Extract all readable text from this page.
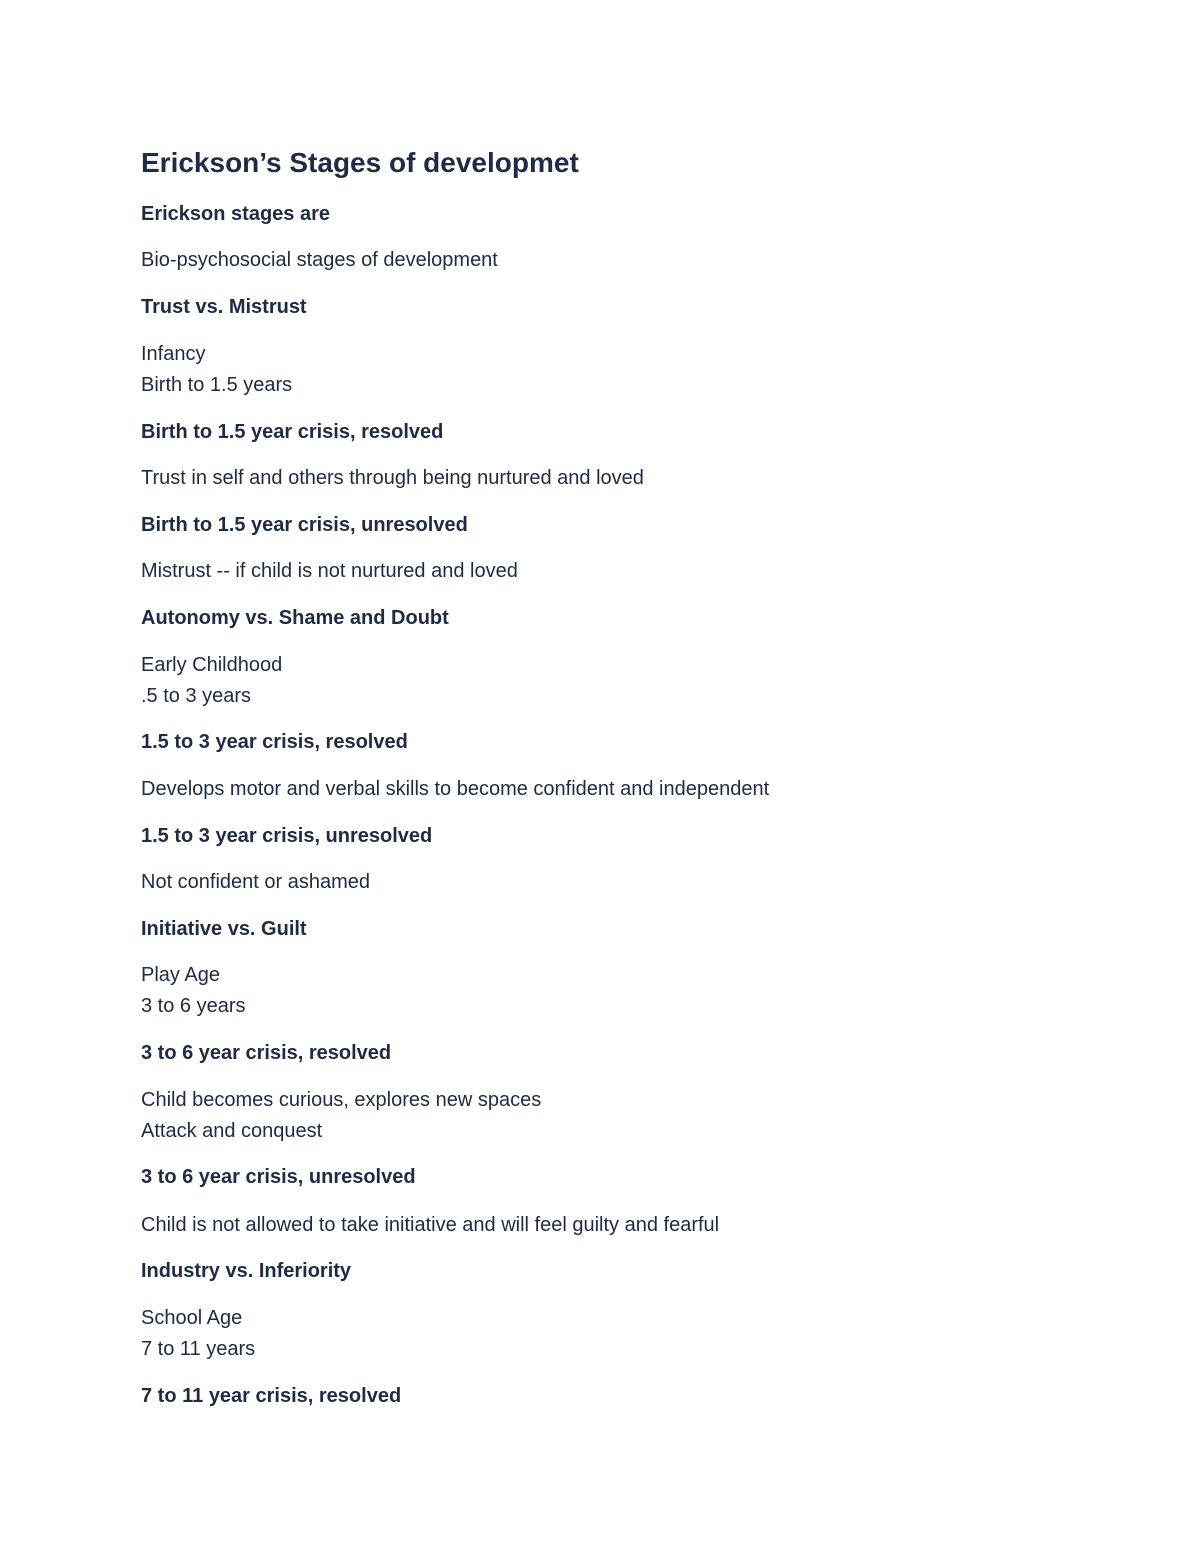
Erickson’s Stages of developmet
Erickson stages are
Bio-psychosocial stages of development
Trust vs. Mistrust
Infancy
Birth to 1.5 years
Birth to 1.5 year crisis, resolved
Trust in self and others through being nurtured and loved
Birth to 1.5 year crisis, unresolved
Mistrust -- if child is not nurtured and loved
Autonomy vs. Shame and Doubt
Early Childhood
.5 to 3 years
1.5 to 3 year crisis, resolved
Develops motor and verbal skills to become confident and independent
1.5 to 3 year crisis, unresolved
Not confident or ashamed
Initiative vs. Guilt
Play Age
3 to 6 years
3 to 6 year crisis, resolved
Child becomes curious, explores new spaces
Attack and conquest
3 to 6 year crisis, unresolved
Child is not allowed to take initiative and will feel guilty and fearful
Industry vs. Inferiority
School Age
7 to 11 years
7 to 11 year crisis, resolved
